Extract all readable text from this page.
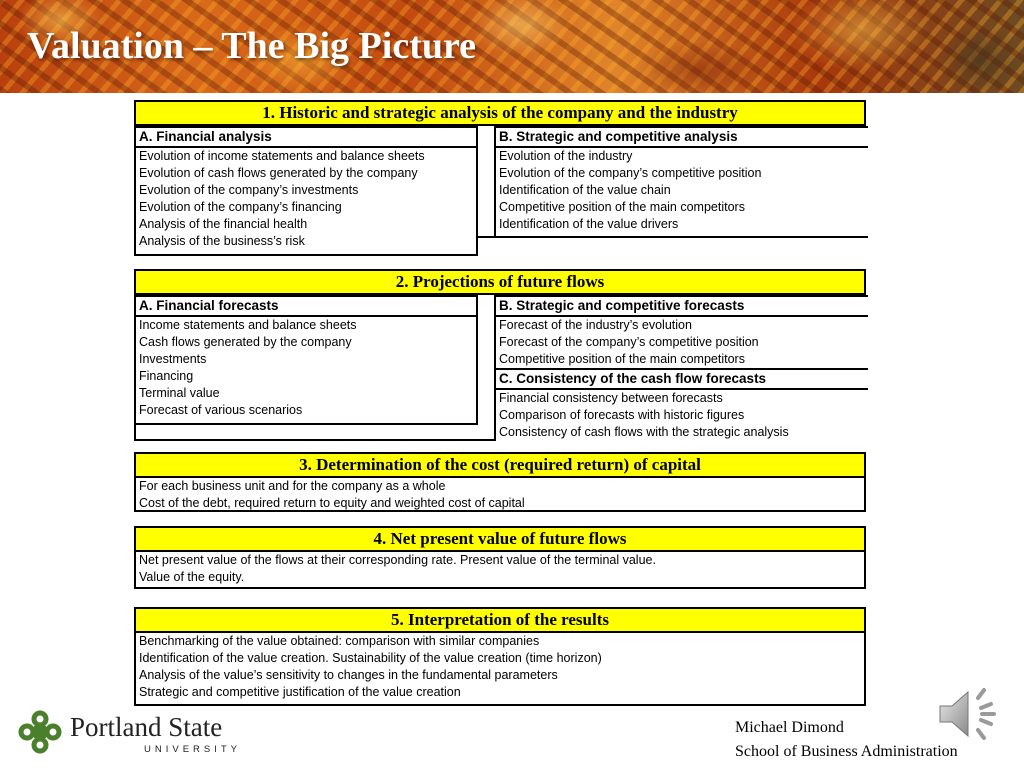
Valuation – The Big Picture
1. Historic and strategic analysis of the company and the industry
A. Financial analysis
Evolution of income statements and balance sheets
Evolution of cash flows generated by the company
Evolution of the company’s investments
Evolution of the company’s financing
Analysis of the financial health
Analysis of the business’s risk
B. Strategic and competitive analysis
Evolution of the industry
Evolution of the company’s competitive position
Identification of the value chain
Competitive position of the main competitors
Identification of the value drivers
2. Projections of future flows
A. Financial forecasts
Income statements and balance sheets
Cash flows generated by the company
Investments
Financing
Terminal value
Forecast of various scenarios
B. Strategic and competitive forecasts
Forecast of the industry’s evolution
Forecast of the company’s competitive position
Competitive position of the main competitors
C. Consistency of the cash flow forecasts
Financial consistency between forecasts
Comparison of forecasts with historic figures
Consistency of cash flows with the strategic analysis
3. Determination of the cost (required return) of capital
For each business unit and for the company as a whole
Cost of the debt, required return to equity and weighted cost of capital
4. Net present value of future flows
Net present value of the flows at their corresponding rate. Present value of the terminal value.
Value of the equity.
5. Interpretation of the results
Benchmarking of the value obtained: comparison with similar companies
Identification of the value creation. Sustainability of the value creation (time horizon)
Analysis of the value’s sensitivity to changes in the fundamental parameters
Strategic and competitive justification of the value creation
Portland State
UNIVERSITY
Michael Dimond
School of Business Administration
